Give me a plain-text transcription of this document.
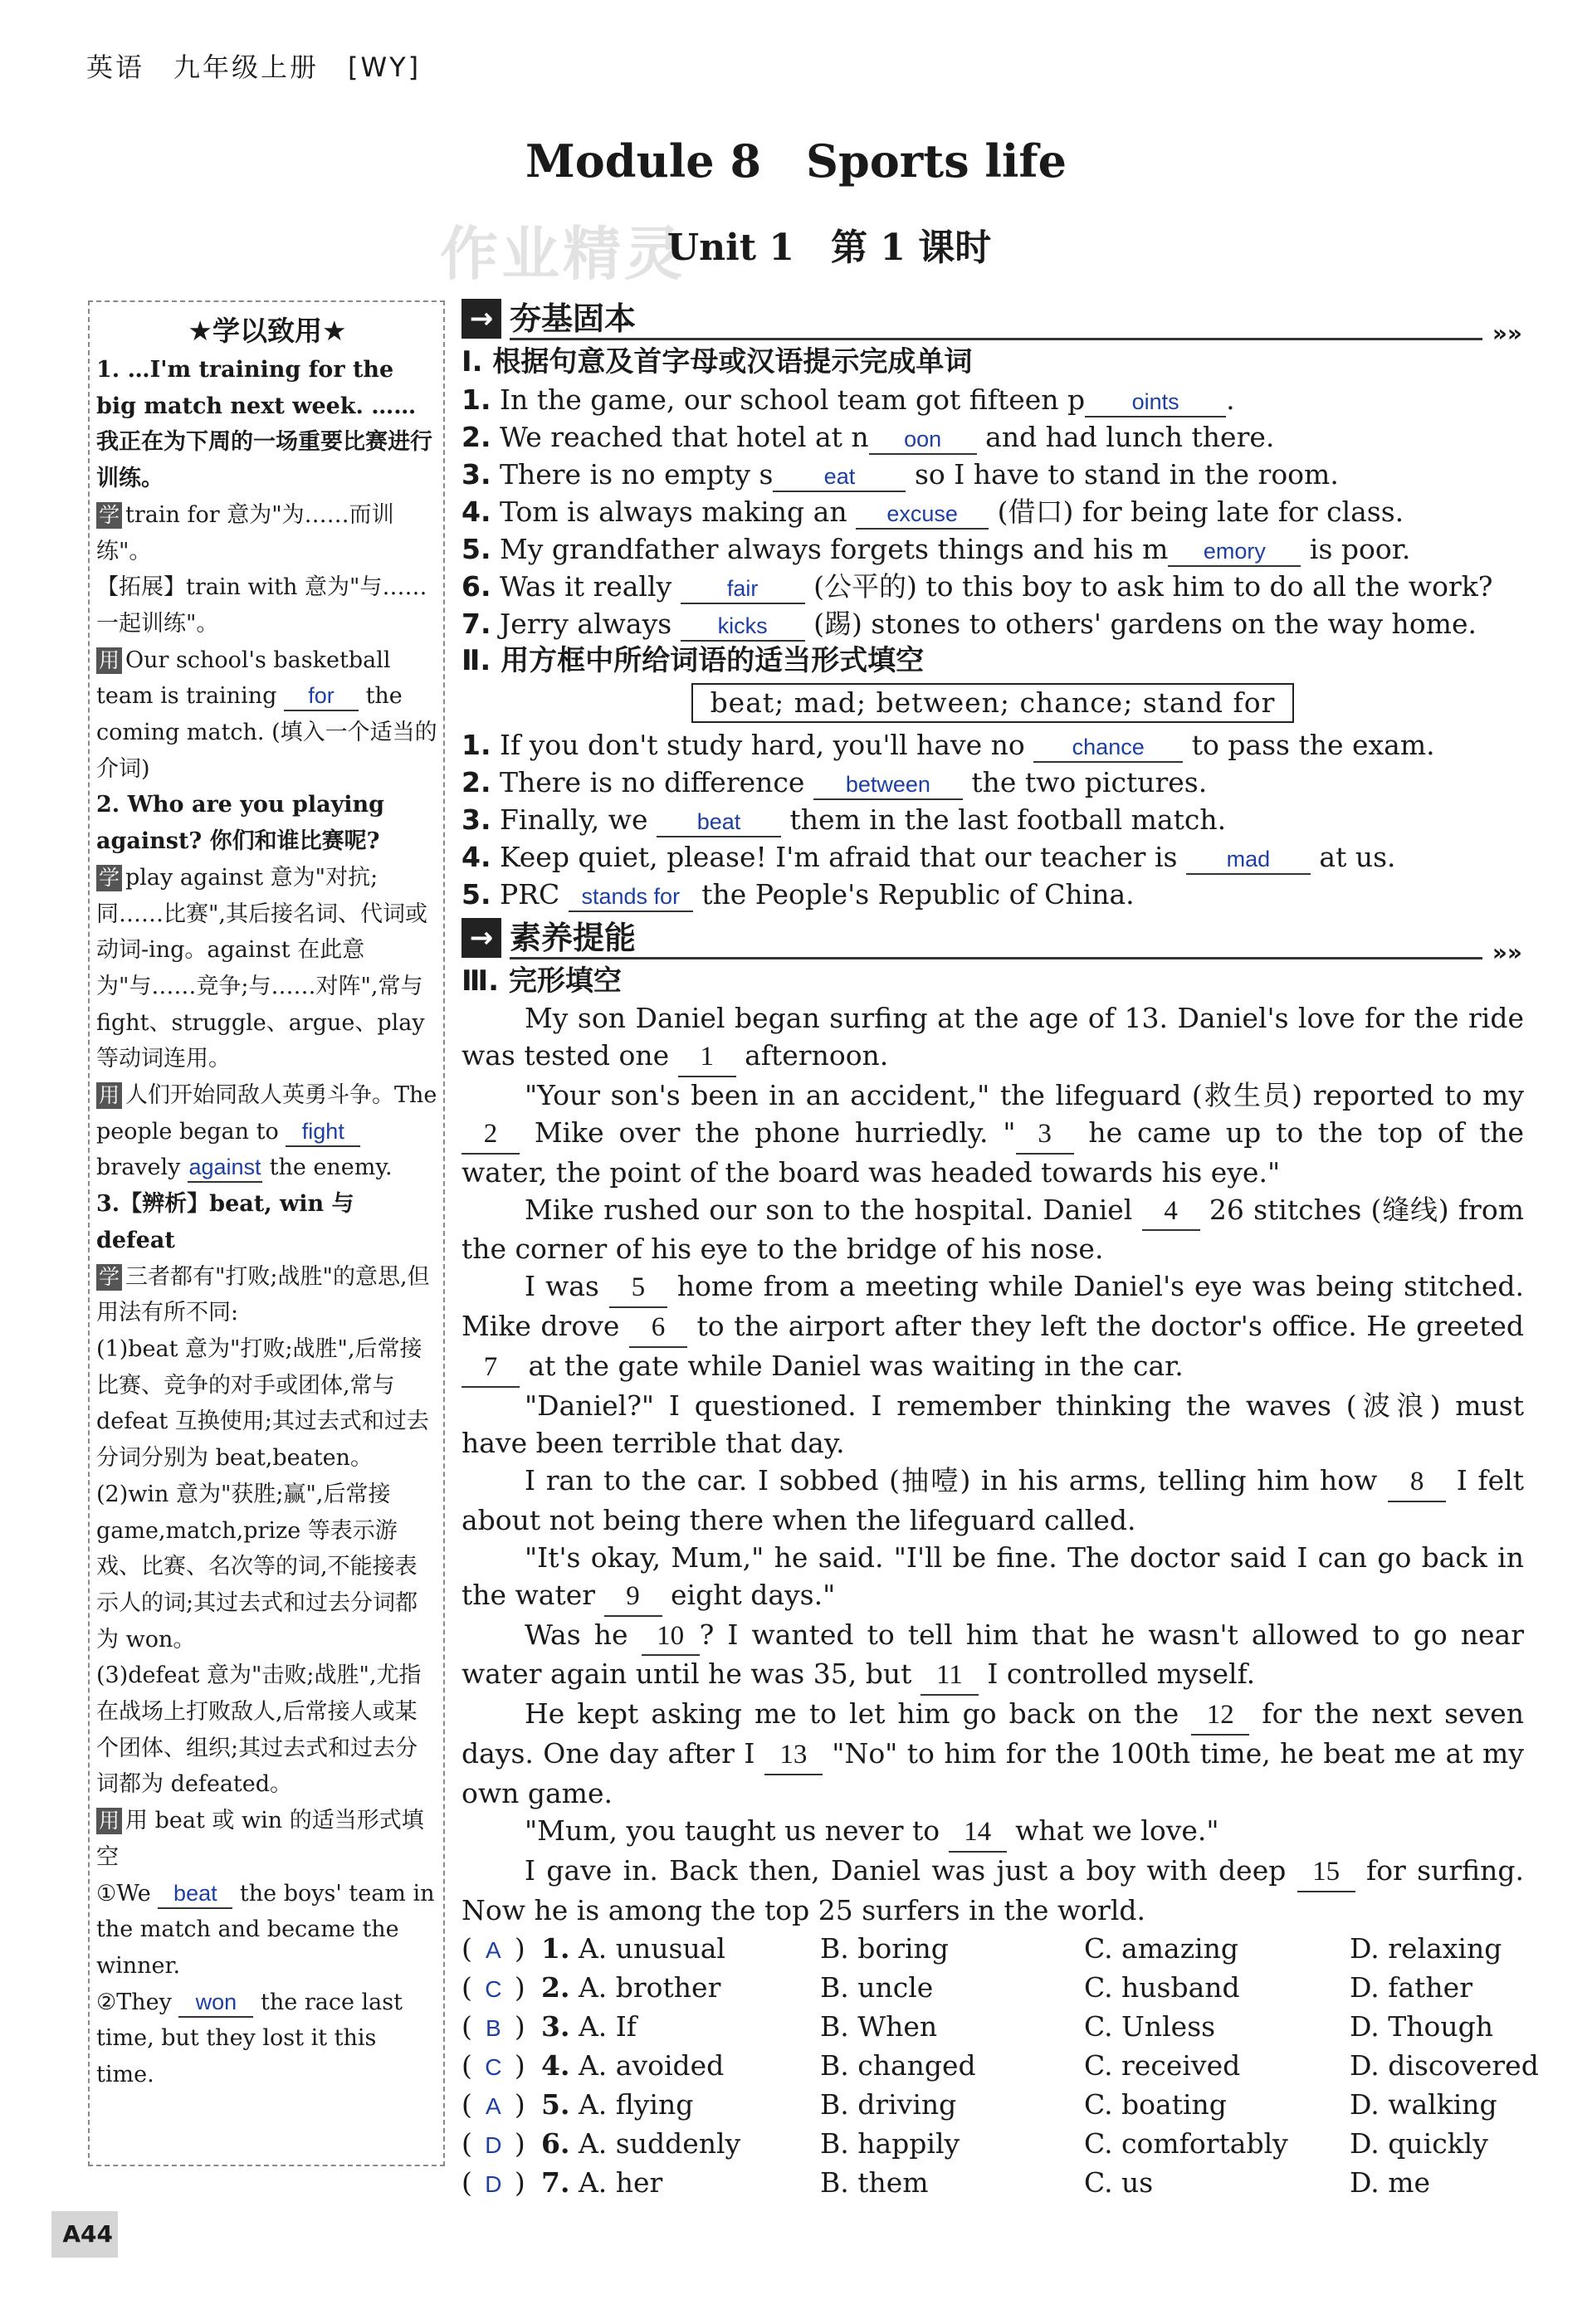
英语　九年级上册　[WY]
Module 8　Sports life
作业精灵
Unit 1　第 1 课时
★学以致用★
1. …I'm training for the big match next week. ……我正在为下周的一场重要比赛进行训练。
学 train for 意为"为……而训练"。
【拓展】train with 意为"与……一起训练"。
用 Our school's basketball team is training for the coming match. (填入一个适当的介词)
2. Who are you playing against? 你们和谁比赛呢?
学 play against 意为"对抗;同……比赛",其后接名词、代词或动词-ing。against 在此意为"与……竞争;与……对阵",常与 fight、struggle、argue、play 等动词连用。
用 人们开始同敌人英勇斗争。The people began to fight bravely against the enemy.
3.【辨析】beat, win 与 defeat
学 三者都有"打败;战胜"的意思,但用法有所不同:
(1)beat 意为"打败;战胜",后常接比赛、竞争的对手或团体,常与 defeat 互换使用;其过去式和过去分词分别为 beat,beaten。
(2)win 意为"获胜;赢",后常接 game,match,prize 等表示游戏、比赛、名次等的词,不能接表示人的词;其过去式和过去分词都为 won。
(3)defeat 意为"击败;战胜",尤指在战场上打败敌人,后常接人或某个团体、组织;其过去式和过去分词都为 defeated。
用 用 beat 或 win 的适当形式填空
①We beat the boys' team in the match and became the winner.
②They won the race last time, but they lost it this time.
→ 夯基固本	»»
Ⅰ. 根据句意及首字母或汉语提示完成单词
1. In the game, our school team got fifteen p oints .
2. We reached that hotel at n oon and had lunch there.
3. There is no empty s eat so I have to stand in the room.
4. Tom is always making an excuse (借口) for being late for class.
5. My grandfather always forgets things and his m emory is poor.
6. Was it really fair (公平的) to this boy to ask him to do all the work?
7. Jerry always kicks (踢) stones to others' gardens on the way home.
Ⅱ. 用方框中所给词语的适当形式填空
beat; mad; between; chance; stand for
1. If you don't study hard, you'll have no chance to pass the exam.
2. There is no difference between the two pictures.
3. Finally, we beat them in the last football match.
4. Keep quiet, please! I'm afraid that our teacher is mad at us.
5. PRC stands for the People's Republic of China.
→ 素养提能	»»
Ⅲ. 完形填空
My son Daniel began surfing at the age of 13. Daniel's love for the ride was tested one 1 afternoon.
"Your son's been in an accident," the lifeguard (救生员) reported to my 2 Mike over the phone hurriedly. " 3 he came up to the top of the water, the point of the board was headed towards his eye."
Mike rushed our son to the hospital. Daniel 4 26 stitches (缝线) from the corner of his eye to the bridge of his nose.
I was 5 home from a meeting while Daniel's eye was being stitched. Mike drove 6 to the airport after they left the doctor's office. He greeted 7 at the gate while Daniel was waiting in the car.
"Daniel?" I questioned. I remember thinking the waves (波浪) must have been terrible that day.
I ran to the car. I sobbed (抽噎) in his arms, telling him how 8 I felt about not being there when the lifeguard called.
"It's okay, Mum," he said. "I'll be fine. The doctor said I can go back in the water 9 eight days."
Was he 10 ? I wanted to tell him that he wasn't allowed to go near water again until he was 35, but 11 I controlled myself.
He kept asking me to let him go back on the 12 for the next seven days. One day after I 13 "No" to him for the 100th time, he beat me at my own game.
"Mum, you taught us never to 14 what we love."
I gave in. Back then, Daniel was just a boy with deep 15 for surfing. Now he is among the top 25 surfers in the world.
( A ) 1. A. unusual	B. boring	C. amazing	D. relaxing
( C ) 2. A. brother	B. uncle	C. husband	D. father
( B ) 3. A. If	B. When	C. Unless	D. Though
( C ) 4. A. avoided	B. changed	C. received	D. discovered
( A ) 5. A. flying	B. driving	C. boating	D. walking
( D ) 6. A. suddenly	B. happily	C. comfortably D. quickly
( D ) 7. A. her	B. them	C. us	D. me
A44
